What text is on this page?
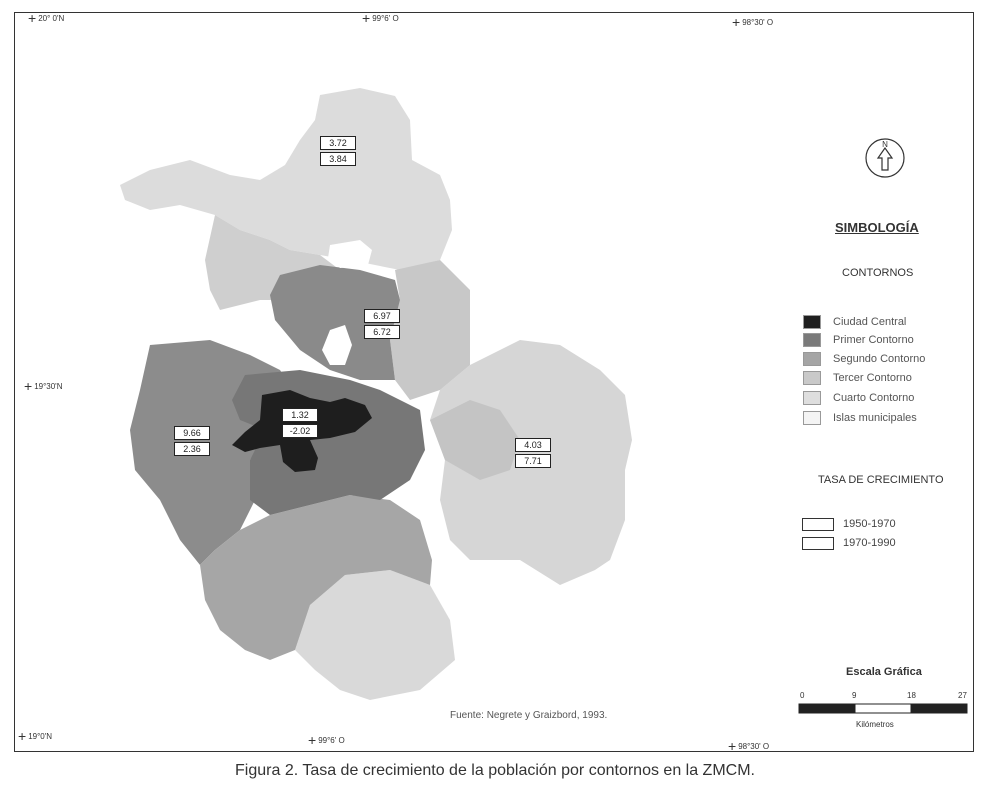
+ 20° 0'N	+ 99°6' O	+ 98°30' O
+ 19°30'N
+ 19°0'N	+ 99°6' O	+ 98°30' O
3.72
3.84
6.97
6.72
1.32
-2.02
9.66
2.36	4.03
7.71
N
SIMBOLOGÍA
CONTORNOS
Ciudad Central
Primer Contorno
Segundo Contorno
Tercer Contorno
Cuarto Contorno
Islas municipales
TASA DE CRECIMIENTO
1950-1970
1970-1990
Escala Gráfica
0	9	18	27
Kilómetros
Fuente: Negrete y Graizbord, 1993.
Figura 2. Tasa de crecimiento de la población por contornos en la ZMCM.
